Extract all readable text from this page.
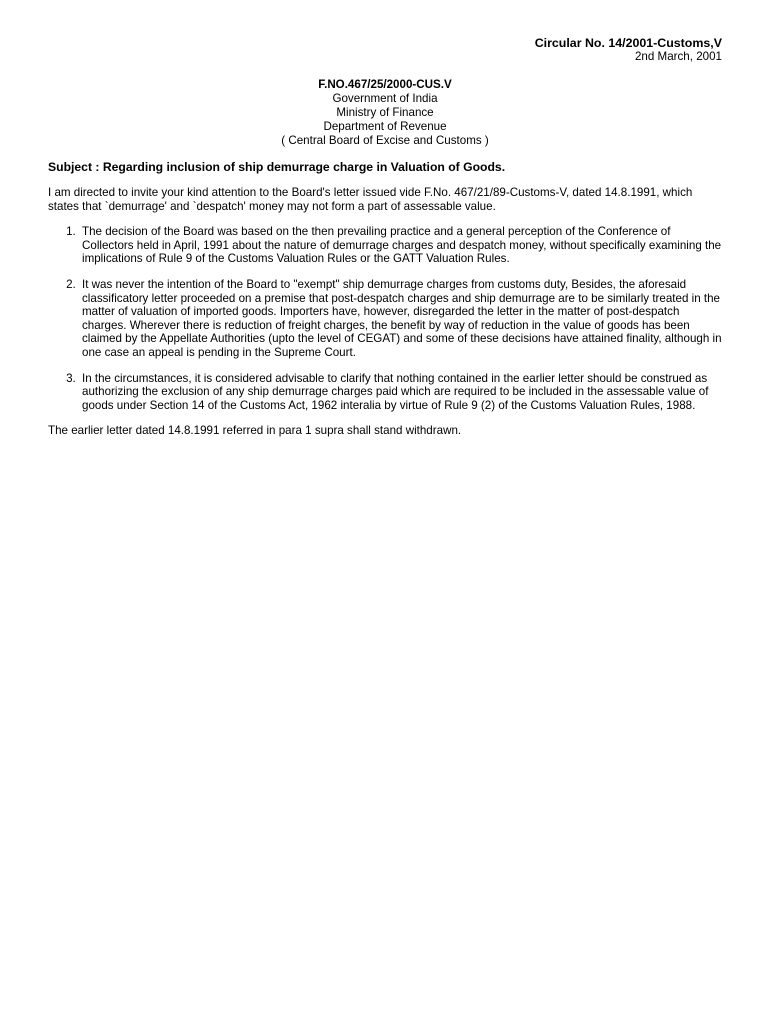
Circular No. 14/2001-Customs,V
2nd March, 2001
F.NO.467/25/2000-CUS.V
Government of India
Ministry of Finance
Department of Revenue
( Central Board of Excise and Customs )
Subject : Regarding inclusion of ship demurrage charge in Valuation of Goods.
I am directed to invite your kind attention to the Board's letter issued vide F.No. 467/21/89-Customs-V, dated 14.8.1991, which states that `demurrage' and `despatch' money may not form a part of assessable value.
1. The decision of the Board was based on the then prevailing practice and a general perception of the Conference of Collectors held in April, 1991 about the nature of demurrage charges and despatch money, without specifically examining the implications of Rule 9 of the Customs Valuation Rules or the GATT Valuation Rules.
2. It was never the intention of the Board to "exempt" ship demurrage charges from customs duty, Besides, the aforesaid classificatory letter proceeded on a premise that post-despatch charges and ship demurrage are to be similarly treated in the matter of valuation of imported goods. Importers have, however, disregarded the letter in the matter of post-despatch charges. Wherever there is reduction of freight charges, the benefit by way of reduction in the value of goods has been claimed by the Appellate Authorities (upto the level of CEGAT) and some of these decisions have attained finality, although in one case an appeal is pending in the Supreme Court.
3. In the circumstances, it is considered advisable to clarify that nothing contained in the earlier letter should be construed as authorizing the exclusion of any ship demurrage charges paid which are required to be included in the assessable value of goods under Section 14 of the Customs Act, 1962 interalia by virtue of Rule 9 (2) of the Customs Valuation Rules, 1988.
The earlier letter dated 14.8.1991 referred in para 1 supra shall stand withdrawn.
